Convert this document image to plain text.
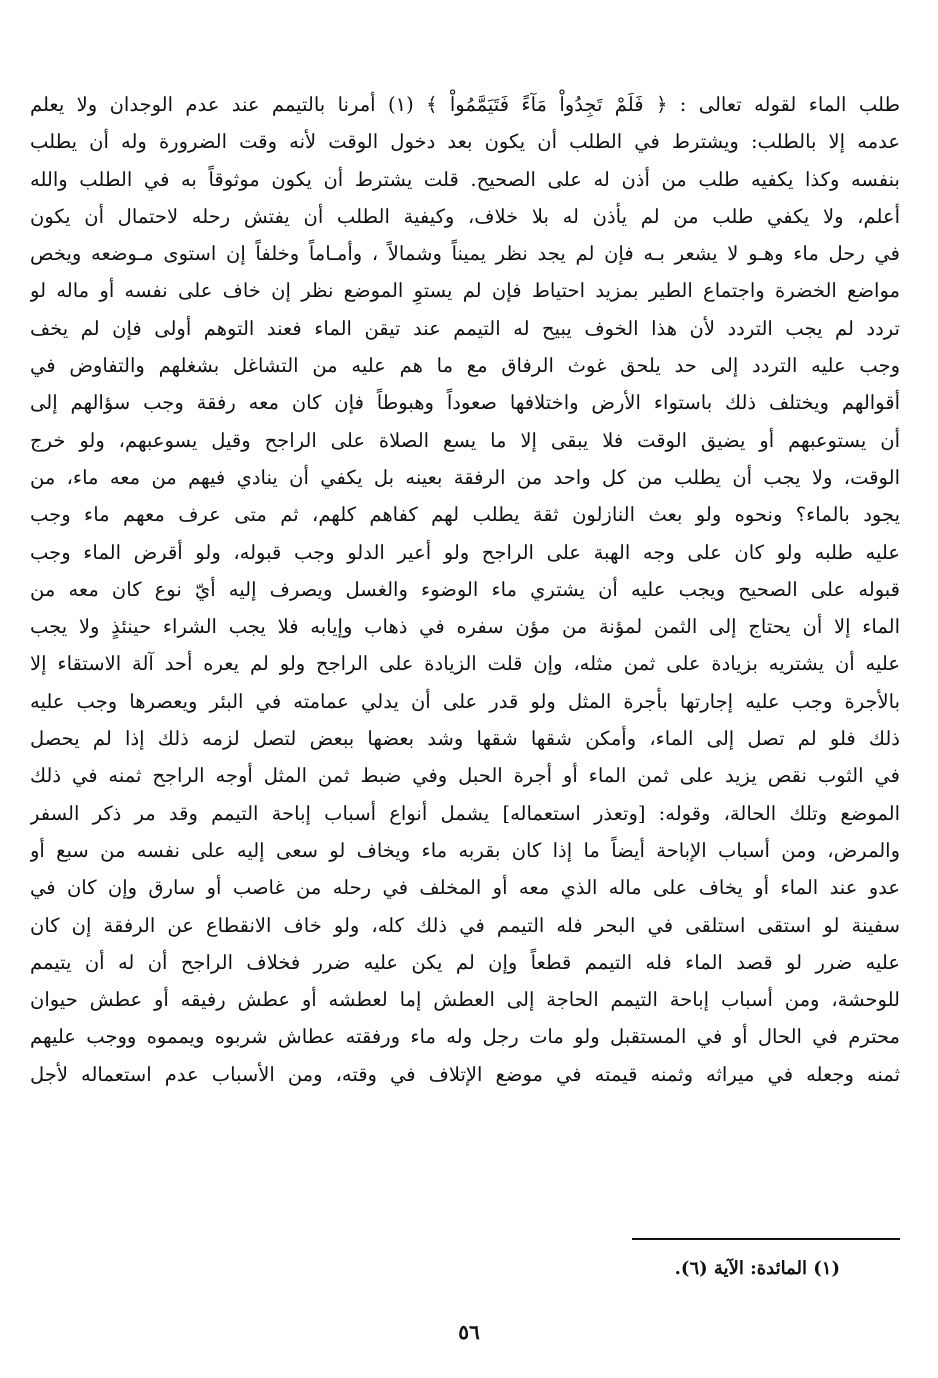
طلب الماء لقوله تعالى : ﴿ فَلَمْ تَجِدُواْ مَآءً فَتَيَمَّمُواْ ﴾ (١) أمرنا بالتيمم عند عدم الوجدان ولا يعلم
عدمه إلا بالطلب: ويشترط في الطلب أن يكون بعد دخول الوقت لأنه وقت الضرورة وله أن يطلب
بنفسه وكذا يكفيه طلب من أذن له على الصحيح. قلت يشترط أن يكون موثوقاً به في الطلب والله
أعلم، ولا يكفي طلب من لم يأذن له بلا خلاف، وكيفية الطلب أن يفتش رحله لاحتمال أن يكون
في رحل ماء وهـو لا يشعر بـه فإن لم يجد نظر يميناً وشمالاً ، وأمـاماً وخلفاً إن استوى مـوضعه ويخص
مواضع الخضرة واجتماع الطير بمزيد احتياط فإن لم يستوِ الموضع نظر إن خاف على نفسه أو ماله لو
تردد لم يجب التردد لأن هذا الخوف يبيح له التيمم عند تيقن الماء فعند التوهم أولى فإن لم يخف
وجب عليه التردد إلى حد يلحق غوث الرفاق مع ما هم عليه من التشاغل بشغلهم والتفاوض في
أقوالهم ويختلف ذلك باستواء الأرض واختلافها صعوداً وهبوطاً فإن كان معه رفقة وجب سؤالهم إلى
أن يستوعبهم أو يضيق الوقت فلا يبقى إلا ما يسع الصلاة على الراجح وقيل يسوعبهم، ولو خرج
الوقت، ولا يجب أن يطلب من كل واحد من الرفقة بعينه بل يكفي أن ينادي فيهم من معه ماء، من
يجود بالماء؟ ونحوه ولو بعث النازلون ثقة يطلب لهم كفاهم كلهم، ثم متى عرف معهم ماء وجب
عليه طلبه ولو كان على وجه الهبة على الراجح ولو أعير الدلو وجب قبوله، ولو أقرض الماء وجب
قبوله على الصحيح ويجب عليه أن يشتري ماء الوضوء والغسل ويصرف إليه أيّ نوع كان معه من
الماء إلا أن يحتاج إلى الثمن لمؤنة من مؤن سفره في ذهاب وإيابه فلا يجب الشراء حينئذٍ ولا يجب
عليه أن يشتريه بزيادة على ثمن مثله، وإن قلت الزيادة على الراجح ولو لم يعره أحد آلة الاستقاء إلا
بالأجرة وجب عليه إجارتها بأجرة المثل ولو قدر على أن يدلي عمامته في البئر ويعصرها وجب عليه
ذلك فلو لم تصل إلى الماء، وأمكن شقها شقها وشد بعضها ببعض لتصل لزمه ذلك إذا لم يحصل
في الثوب نقص يزيد على ثمن الماء أو أجرة الحبل وفي ضبط ثمن المثل أوجه الراجح ثمنه في ذلك
الموضع وتلك الحالة، وقوله: [وتعذر استعماله] يشمل أنواع أسباب إباحة التيمم وقد مر ذكر السفر
والمرض، ومن أسباب الإباحة أيضاً ما إذا كان بقربه ماء ويخاف لو سعى إليه على نفسه من سبع أو
عدو عند الماء أو يخاف على ماله الذي معه أو المخلف في رحله من غاصب أو سارق وإن كان في
سفينة لو استقى استلقى في البحر فله التيمم في ذلك كله، ولو خاف الانقطاع عن الرفقة إن كان
عليه ضرر لو قصد الماء فله التيمم قطعاً وإن لم يكن عليه ضرر فخلاف الراجح أن له أن يتيمم
للوحشة، ومن أسباب إباحة التيمم الحاجة إلى العطش إما لعطشه أو عطش رفيقه أو عطش حيوان
محترم في الحال أو في المستقبل ولو مات رجل وله ماء ورفقته عطاش شربوه ويمموه ووجب عليهم
ثمنه وجعله في ميراثه وثمنه قيمته في موضع الإتلاف في وقته، ومن الأسباب عدم استعماله لأجل
(١) المائدة: الآية (٦).
٥٦
